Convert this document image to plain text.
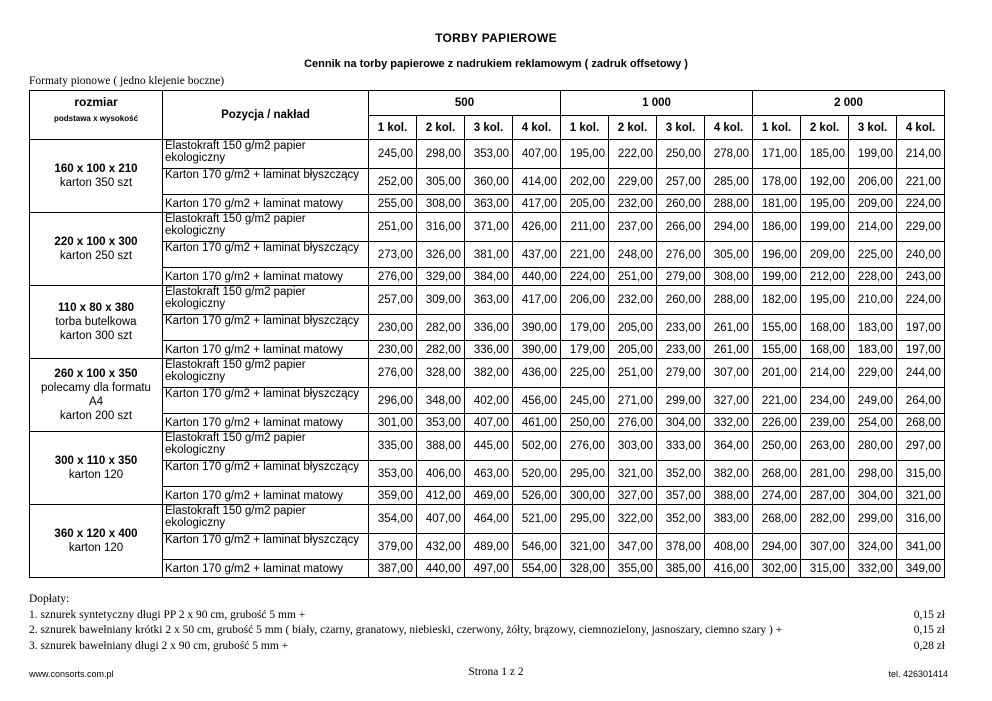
TORBY PAPIEROWE
Cennik na torby papierowe z nadrukiem reklamowym ( zadruk offsetowy )
Formaty pionowe ( jedno klejenie boczne)
rozmiar
podstawa x wysokość	Pozycja / nakład	500				1 000				2 000			
		1 kol.	2 kol.	3 kol.	4 kol.	1 kol.	2 kol.	3 kol.	4 kol.	1 kol.	2 kol.	3 kol.	4 kol.

160 x 100 x 210
karton 350 szt	Elastokraft 150 g/m2 papier ekologiczny	245,00	298,00	353,00	407,00	195,00	222,00	250,00	278,00	171,00	185,00	199,00	214,00
	Karton 170 g/m2 + laminat błyszczący	252,00	305,00	360,00	414,00	202,00	229,00	257,00	285,00	178,00	192,00	206,00	221,00
	Karton 170 g/m2 + laminat matowy	255,00	308,00	363,00	417,00	205,00	232,00	260,00	288,00	181,00	195,00	209,00	224,00

220 x 100 x 300
karton 250 szt	Elastokraft 150 g/m2 papier ekologiczny	251,00	316,00	371,00	426,00	211,00	237,00	266,00	294,00	186,00	199,00	214,00	229,00
	Karton 170 g/m2 + laminat błyszczący	273,00	326,00	381,00	437,00	221,00	248,00	276,00	305,00	196,00	209,00	225,00	240,00
	Karton 170 g/m2 + laminat matowy	276,00	329,00	384,00	440,00	224,00	251,00	279,00	308,00	199,00	212,00	228,00	243,00

110 x 80 x 380
torba butelkowa
karton 300 szt	Elastokraft 150 g/m2 papier ekologiczny	257,00	309,00	363,00	417,00	206,00	232,00	260,00	288,00	182,00	195,00	210,00	224,00
	Karton 170 g/m2 + laminat błyszczący	230,00	282,00	336,00	390,00	179,00	205,00	233,00	261,00	155,00	168,00	183,00	197,00
	Karton 170 g/m2 + laminat matowy	230,00	282,00	336,00	390,00	179,00	205,00	233,00	261,00	155,00	168,00	183,00	197,00

260 x 100 x 350
polecamy dla formatu
A4
karton 200 szt	Elastokraft 150 g/m2 papier ekologiczny	276,00	328,00	382,00	436,00	225,00	251,00	279,00	307,00	201,00	214,00	229,00	244,00
	Karton 170 g/m2 + laminat błyszczący	296,00	348,00	402,00	456,00	245,00	271,00	299,00	327,00	221,00	234,00	249,00	264,00
	Karton 170 g/m2 + laminat matowy	301,00	353,00	407,00	461,00	250,00	276,00	304,00	332,00	226,00	239,00	254,00	268,00

300 x 110 x 350
karton 120	Elastokraft 150 g/m2 papier ekologiczny	335,00	388,00	445,00	502,00	276,00	303,00	333,00	364,00	250,00	263,00	280,00	297,00
	Karton 170 g/m2 + laminat błyszczący	353,00	406,00	463,00	520,00	295,00	321,00	352,00	382,00	268,00	281,00	298,00	315,00
	Karton 170 g/m2 + laminat matowy	359,00	412,00	469,00	526,00	300,00	327,00	357,00	388,00	274,00	287,00	304,00	321,00

360 x 120 x 400
karton 120	Elastokraft 150 g/m2 papier ekologiczny	354,00	407,00	464,00	521,00	295,00	322,00	352,00	383,00	268,00	282,00	299,00	316,00
	Karton 170 g/m2 + laminat błyszczący	379,00	432,00	489,00	546,00	321,00	347,00	378,00	408,00	294,00	307,00	324,00	341,00
	Karton 170 g/m2 + laminat matowy	387,00	440,00	497,00	554,00	328,00	355,00	385,00	416,00	302,00	315,00	332,00	349,00
Dopłaty:
1. sznurek syntetyczny długi PP 2 x 90 cm, grubość 5 mm +	0,15 zł
2. sznurek bawełniany krótki 2 x 50 cm, grubość 5 mm ( biały, czarny, granatowy, niebieski, czerwony, żółty, brązowy, ciemnozielony, jasnoszary, ciemno szary ) +	0,15 zł
3. sznurek bawełniany długi 2 x 90 cm, grubość 5 mm +	0,28 zł
www.consorts.com.pl	Strona 1 z 2	tel. 426301414
